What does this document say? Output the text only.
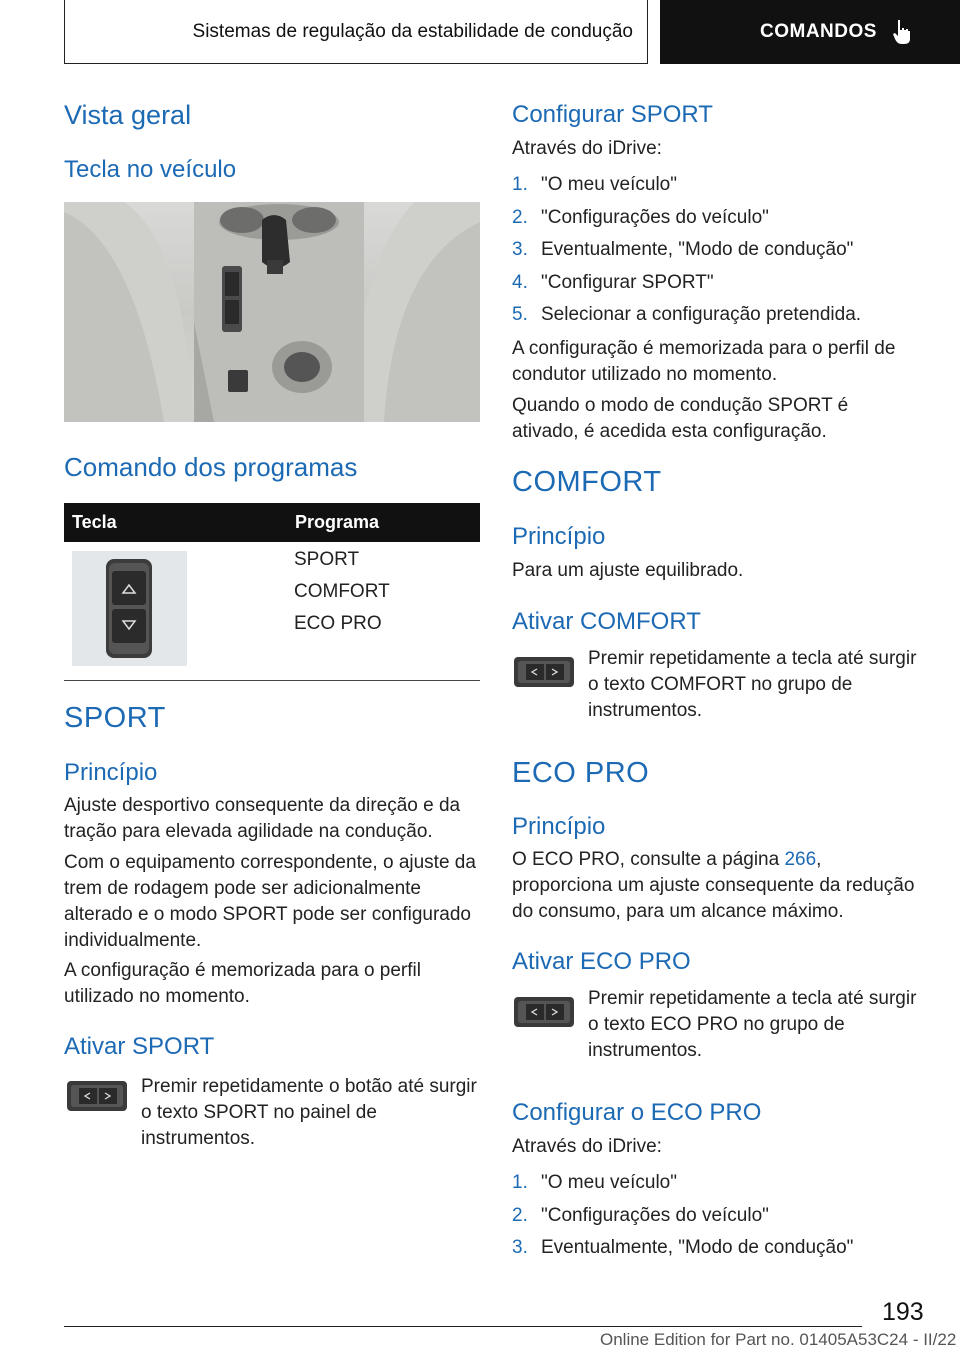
Sistemas de regulação da estabilidade de condução	COMANDOS
Vista geral
Tecla no veículo
Comando dos programas
Tecla	Programa
SPORT
COMFORT
ECO PRO
SPORT
Princípio

Ajuste desportivo consequente da direção e da tração para elevada agilidade na condução.

Com o equipamento correspondente, o ajuste da trem de rodagem pode ser adicionalmente alterado e o modo SPORT pode ser configurado individualmente.

A configuração é memorizada para o perfil utilizado no momento.

Ativar SPORT

Premir repetidamente o botão até surgir o texto SPORT no painel de instrumentos.

Configurar SPORT

Através do iDrive:

1. "O meu veículo"
2. "Configurações do veículo"
3. Eventualmente, "Modo de condução"
4. "Configurar SPORT"
5. Selecionar a configuração pretendida.

A configuração é memorizada para o perfil de condutor utilizado no momento.

Quando o modo de condução SPORT é ativado, é acedida esta configuração.

COMFORT
Princípio

Para um ajuste equilibrado.

Ativar COMFORT

Premir repetidamente a tecla até surgir o texto COMFORT no grupo de instrumentos.

ECO PRO
Princípio

O ECO PRO, consulte a página 266, proporciona um ajuste consequente da redução do consumo, para um alcance máximo.

Ativar ECO PRO

Premir repetidamente a tecla até surgir o texto ECO PRO no grupo de instrumentos.

Configurar o ECO PRO

Através do iDrive:

1. "O meu veículo"
2. "Configurações do veículo"
3. Eventualmente, "Modo de condução"
193
Online Edition for Part no. 01405A53C24 - II/22
